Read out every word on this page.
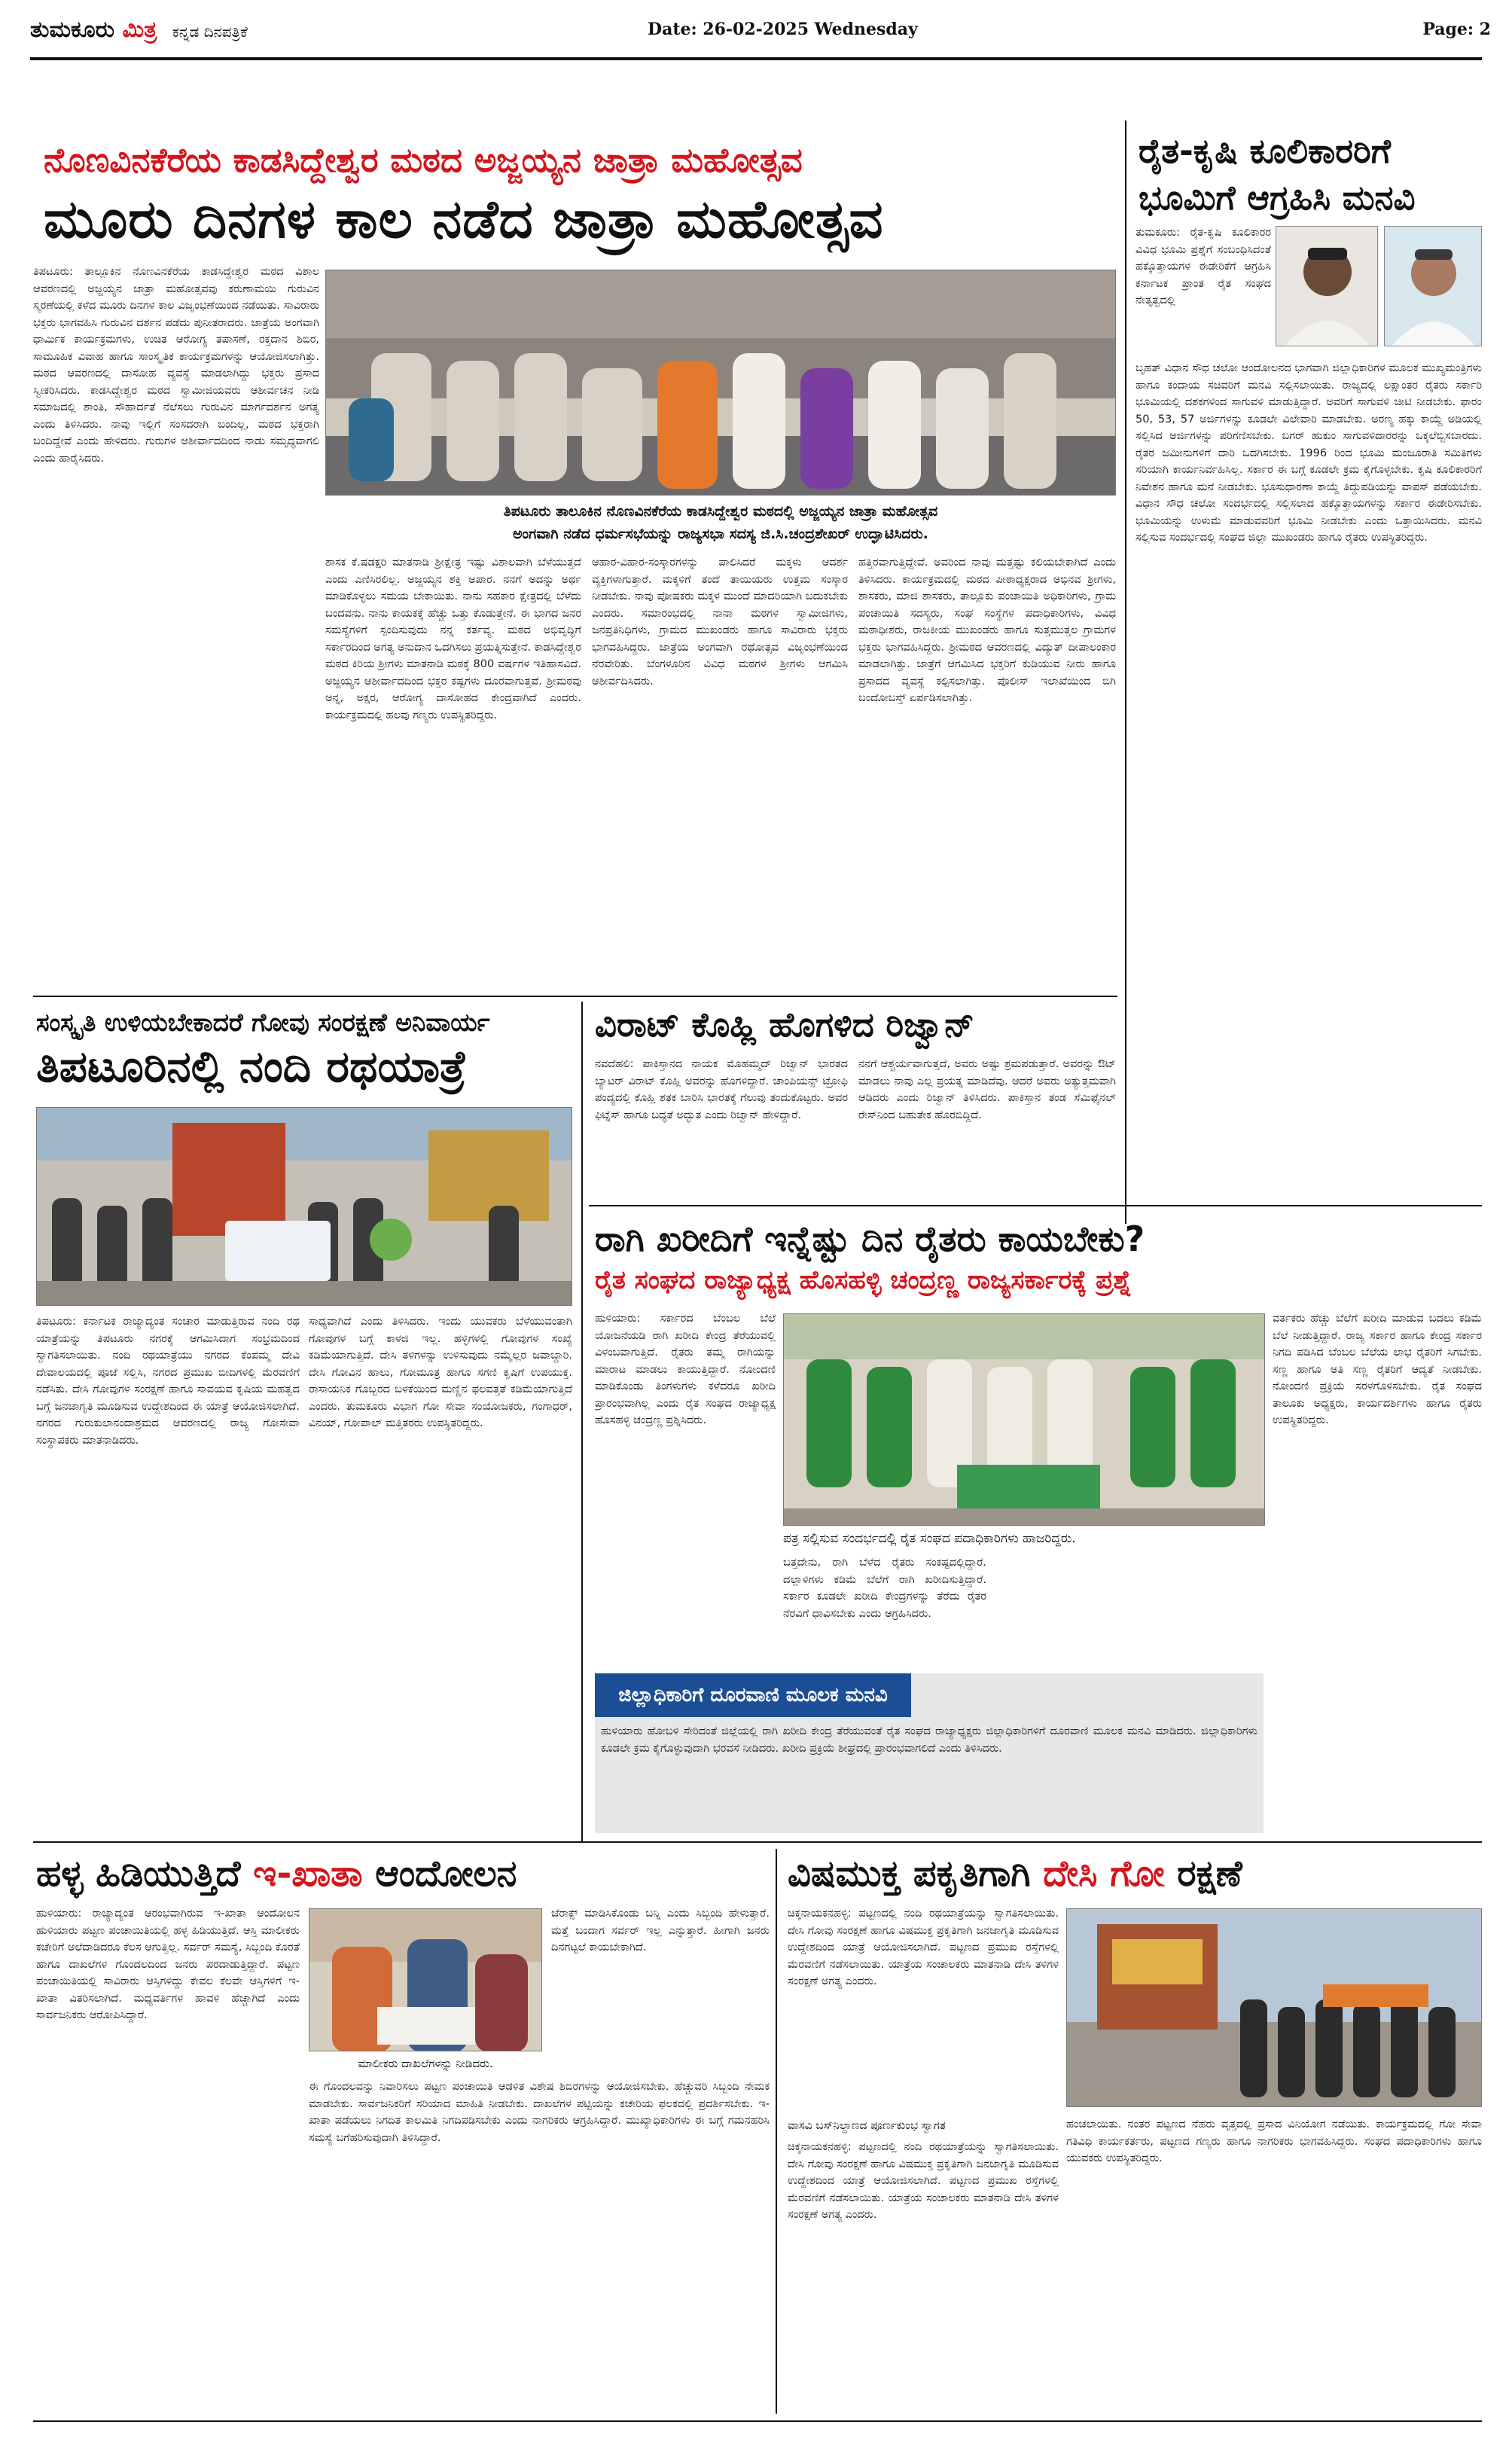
ತುಮಕೂರು ಮಿತ್ರ ಕನ್ನಡ ದಿನಪತ್ರಿಕೆ	Date: 26-02-2025 Wednesday	Page: 2
ನೊಣವಿನಕೆರೆಯ ಕಾಡಸಿದ್ದೇಶ್ವರ ಮಠದ ಅಜ್ಜಯ್ಯನ ಜಾತ್ರಾ ಮಹೋತ್ಸವ
ಮೂರು ದಿನಗಳ ಕಾಲ ನಡೆದ ಜಾತ್ರಾ ಮಹೋತ್ಸವ
ತಿಪಟೂರು: ತಾಲ್ಲೂಕಿನ ನೊಣವಿನಕೆರೆಯ ಕಾಡಸಿದ್ದೇಶ್ವರ ಮಠದ ವಿಶಾಲ ಆವರಣದಲ್ಲಿ ಅಜ್ಜಯ್ಯನ ಜಾತ್ರಾ ಮಹೋತ್ಸವವು ಕರುಣಾಮಯಿ ಗುರುವಿನ ಸ್ಮರಣೆಯಲ್ಲಿ ಕಳೆದ ಮೂರು ದಿನಗಳ ಕಾಲ ವಿಜೃಂಭಣೆಯಿಂದ ನಡೆಯಿತು. ಸಾವಿರಾರು ಭಕ್ತರು ಭಾಗವಹಿಸಿ ಗುರುವಿನ ದರ್ಶನ ಪಡೆದು ಪುನೀತರಾದರು. ಜಾತ್ರೆಯ ಅಂಗವಾಗಿ ಧಾರ್ಮಿಕ ಕಾರ್ಯಕ್ರಮಗಳು, ಉಚಿತ ಆರೋಗ್ಯ ತಪಾಸಣೆ, ರಕ್ತದಾನ ಶಿಬಿರ, ಸಾಮೂಹಿಕ ವಿವಾಹ ಹಾಗೂ ಸಾಂಸ್ಕೃತಿಕ ಕಾರ್ಯಕ್ರಮಗಳನ್ನು ಆಯೋಜಿಸಲಾಗಿತ್ತು. ಮಠದ ಆವರಣದಲ್ಲಿ ದಾಸೋಹ ವ್ಯವಸ್ಥೆ ಮಾಡಲಾಗಿದ್ದು ಭಕ್ತರು ಪ್ರಸಾದ ಸ್ವೀಕರಿಸಿದರು. ಕಾಡಸಿದ್ದೇಶ್ವರ ಮಠದ ಸ್ವಾಮೀಜಿಯವರು ಆಶೀರ್ವಚನ ನೀಡಿ ಸಮಾಜದಲ್ಲಿ ಶಾಂತಿ, ಸೌಹಾರ್ದತೆ ನೆಲೆಸಲು ಗುರುವಿನ ಮಾರ್ಗದರ್ಶನ ಅಗತ್ಯ ಎಂದು ತಿಳಿಸಿದರು. ನಾವು ಇಲ್ಲಿಗೆ ಸಂಸದರಾಗಿ ಬಂದಿಲ್ಲ, ಮಠದ ಭಕ್ತರಾಗಿ ಬಂದಿದ್ದೇವೆ ಎಂದು ಹೇಳಿದರು. ಗುರುಗಳ ಆಶೀರ್ವಾದದಿಂದ ನಾಡು ಸಮೃದ್ಧವಾಗಲಿ ಎಂದು ಹಾರೈಸಿದರು.
ತಿಪಟೂರು ತಾಲೂಕಿನ ನೊಣವಿನಕೆರೆಯ ಕಾಡಸಿದ್ದೇಶ್ವರ ಮಠದಲ್ಲಿ ಅಜ್ಜಯ್ಯನ ಜಾತ್ರಾ ಮಹೋತ್ಸವ
ಅಂಗವಾಗಿ ನಡೆದ ಧರ್ಮಸಭೆಯನ್ನು ರಾಜ್ಯಸಭಾ ಸದಸ್ಯ ಜಿ.ಸಿ.ಚಂದ್ರಶೇಖರ್ ಉದ್ಘಾಟಿಸಿದರು.
ಶಾಸಕ ಕೆ.ಷಡಕ್ಷರಿ ಮಾತನಾಡಿ ಶ್ರೀಕ್ಷೇತ್ರ ಇಷ್ಟು ವಿಶಾಲವಾಗಿ ಬೆಳೆಯುತ್ತದೆ ಎಂದು ಎಣಿಸಿರಲಿಲ್ಲ. ಅಜ್ಜಯ್ಯನ ಶಕ್ತಿ ಅಪಾರ. ನನಗೆ ಅದನ್ನು ಅರ್ಥ ಮಾಡಿಕೊಳ್ಳಲು ಸಮಯ ಬೇಕಾಯಿತು. ನಾನು ಸಹಕಾರ ಕ್ಷೇತ್ರದಲ್ಲಿ ಬೆಳೆದು ಬಂದವನು. ನಾನು ಕಾಯಕಕ್ಕೆ ಹೆಚ್ಚು ಒತ್ತು ಕೊಡುತ್ತೇನೆ. ಈ ಭಾಗದ ಜನರ ಸಮಸ್ಯೆಗಳಿಗೆ ಸ್ಪಂದಿಸುವುದು ನನ್ನ ಕರ್ತವ್ಯ. ಮಠದ ಅಭಿವೃದ್ಧಿಗೆ ಸರ್ಕಾರದಿಂದ ಅಗತ್ಯ ಅನುದಾನ ಒದಗಿಸಲು ಪ್ರಯತ್ನಿಸುತ್ತೇನೆ. ಕಾಡಸಿದ್ದೇಶ್ವರ ಮಠದ ಕಿರಿಯ ಶ್ರೀಗಳು ಮಾತನಾಡಿ ಮಠಕ್ಕೆ 800 ವರ್ಷಗಳ ಇತಿಹಾಸವಿದೆ. ಅಜ್ಜಯ್ಯನ ಆಶೀರ್ವಾದದಿಂದ ಭಕ್ತರ ಕಷ್ಟಗಳು ದೂರವಾಗುತ್ತವೆ. ಶ್ರೀಮಠವು ಅನ್ನ, ಅಕ್ಷರ, ಆರೋಗ್ಯ ದಾಸೋಹದ ಕೇಂದ್ರವಾಗಿದೆ ಎಂದರು. ಕಾರ್ಯಕ್ರಮದಲ್ಲಿ ಹಲವು ಗಣ್ಯರು ಉಪಸ್ಥಿತರಿದ್ದರು.
ಆಹಾರ-ವಿಹಾರ-ಸಂಸ್ಕಾರಗಳನ್ನು ಪಾಲಿಸಿದರೆ ಮಕ್ಕಳು ಆದರ್ಶ ವ್ಯಕ್ತಿಗಳಾಗುತ್ತಾರೆ. ಮಕ್ಕಳಿಗೆ ತಂದೆ ತಾಯಿಯರು ಉತ್ತಮ ಸಂಸ್ಕಾರ ನೀಡಬೇಕು. ನಾವು ಪೋಷಕರು ಮಕ್ಕಳ ಮುಂದೆ ಮಾದರಿಯಾಗಿ ಬದುಕಬೇಕು ಎಂದರು. ಸಮಾರಂಭದಲ್ಲಿ ನಾನಾ ಮಠಗಳ ಸ್ವಾಮೀಜಿಗಳು, ಜನಪ್ರತಿನಿಧಿಗಳು, ಗ್ರಾಮದ ಮುಖಂಡರು ಹಾಗೂ ಸಾವಿರಾರು ಭಕ್ತರು ಭಾಗವಹಿಸಿದ್ದರು. ಜಾತ್ರೆಯ ಅಂಗವಾಗಿ ರಥೋತ್ಸವ ವಿಜೃಂಭಣೆಯಿಂದ ನೆರವೇರಿತು. ಬೆಂಗಳೂರಿನ ವಿವಿಧ ಮಠಗಳ ಶ್ರೀಗಳು ಆಗಮಿಸಿ ಆಶೀರ್ವದಿಸಿದರು.
ಹತ್ತಿರವಾಗುತ್ತಿದ್ದೇವೆ. ಅವರಿಂದ ನಾವು ಮತ್ತಷ್ಟು ಕಲಿಯಬೇಕಾಗಿದೆ ಎಂದು ತಿಳಿಸಿದರು. ಕಾರ್ಯಕ್ರಮದಲ್ಲಿ ಮಠದ ಪೀಠಾಧ್ಯಕ್ಷರಾದ ಅಭಿನವ ಶ್ರೀಗಳು, ಶಾಸಕರು, ಮಾಜಿ ಶಾಸಕರು, ತಾಲ್ಲೂಕು ಪಂಚಾಯಿತಿ ಅಧಿಕಾರಿಗಳು, ಗ್ರಾಮ ಪಂಚಾಯಿತಿ ಸದಸ್ಯರು, ಸಂಘ ಸಂಸ್ಥೆಗಳ ಪದಾಧಿಕಾರಿಗಳು, ವಿವಿಧ ಮಠಾಧೀಶರು, ರಾಜಕೀಯ ಮುಖಂಡರು ಹಾಗೂ ಸುತ್ತಮುತ್ತಲ ಗ್ರಾಮಗಳ ಭಕ್ತರು ಭಾಗವಹಿಸಿದ್ದರು. ಶ್ರೀಮಠದ ಆವರಣದಲ್ಲಿ ವಿದ್ಯುತ್ ದೀಪಾಲಂಕಾರ ಮಾಡಲಾಗಿತ್ತು. ಜಾತ್ರೆಗೆ ಆಗಮಿಸಿದ ಭಕ್ತರಿಗೆ ಕುಡಿಯುವ ನೀರು ಹಾಗೂ ಪ್ರಸಾದದ ವ್ಯವಸ್ಥೆ ಕಲ್ಪಿಸಲಾಗಿತ್ತು. ಪೊಲೀಸ್ ಇಲಾಖೆಯಿಂದ ಬಿಗಿ ಬಂದೋಬಸ್ತ್ ಏರ್ಪಡಿಸಲಾಗಿತ್ತು.
ರೈತ-ಕೃಷಿ ಕೂಲಿಕಾರರಿಗೆ
ಭೂಮಿಗೆ ಆಗ್ರಹಿಸಿ ಮನವಿ
ತುಮಕೂರು: ರೈತ-ಕೃಷಿ ಕೂಲಿಕಾರರ ವಿವಿಧ ಭೂಮಿ ಪ್ರಶ್ನೆಗೆ ಸಂಬಂಧಿಸಿದಂತೆ ಹಕ್ಕೊತ್ತಾಯಗಳ ಈಡೇರಿಕೆಗೆ ಆಗ್ರಹಿಸಿ ಕರ್ನಾಟಕ ಪ್ರಾಂತ ರೈತ ಸಂಘದ ನೇತೃತ್ವದಲ್ಲಿ
ಬೃಹತ್ ವಿಧಾನ ಸೌಧ ಚಲೋ ಆಂದೋಲನದ ಭಾಗವಾಗಿ ಜಿಲ್ಲಾಧಿಕಾರಿಗಳ ಮೂಲಕ ಮುಖ್ಯಮಂತ್ರಿಗಳು ಹಾಗೂ ಕಂದಾಯ ಸಚಿವರಿಗೆ ಮನವಿ ಸಲ್ಲಿಸಲಾಯಿತು. ರಾಜ್ಯದಲ್ಲಿ ಲಕ್ಷಾಂತರ ರೈತರು ಸರ್ಕಾರಿ ಭೂಮಿಯಲ್ಲಿ ದಶಕಗಳಿಂದ ಸಾಗುವಳಿ ಮಾಡುತ್ತಿದ್ದಾರೆ. ಅವರಿಗೆ ಸಾಗುವಳಿ ಚೀಟಿ ನೀಡಬೇಕು. ಫಾರಂ 50, 53, 57 ಅರ್ಜಿಗಳನ್ನು ಕೂಡಲೇ ವಿಲೇವಾರಿ ಮಾಡಬೇಕು. ಅರಣ್ಯ ಹಕ್ಕು ಕಾಯ್ದೆ ಅಡಿಯಲ್ಲಿ ಸಲ್ಲಿಸಿದ ಅರ್ಜಿಗಳನ್ನು ಪರಿಗಣಿಸಬೇಕು. ಬಗರ್ ಹುಕುಂ ಸಾಗುವಳಿದಾರರನ್ನು ಒಕ್ಕಲೆಬ್ಬಿಸಬಾರದು. ರೈತರ ಜಮೀನುಗಳಿಗೆ ದಾರಿ ಒದಗಿಸಬೇಕು. 1996 ರಿಂದ ಭೂಮಿ ಮಂಜೂರಾತಿ ಸಮಿತಿಗಳು ಸರಿಯಾಗಿ ಕಾರ್ಯನಿರ್ವಹಿಸಿಲ್ಲ. ಸರ್ಕಾರ ಈ ಬಗ್ಗೆ ಕೂಡಲೇ ಕ್ರಮ ಕೈಗೊಳ್ಳಬೇಕು. ಕೃಷಿ ಕೂಲಿಕಾರರಿಗೆ ನಿವೇಶನ ಹಾಗೂ ಮನೆ ನೀಡಬೇಕು. ಭೂಸುಧಾರಣಾ ಕಾಯ್ದೆ ತಿದ್ದುಪಡಿಯನ್ನು ವಾಪಸ್ ಪಡೆಯಬೇಕು. ವಿಧಾನ ಸೌಧ ಚಲೋ ಸಂದರ್ಭದಲ್ಲಿ ಸಲ್ಲಿಸಲಾದ ಹಕ್ಕೊತ್ತಾಯಗಳನ್ನು ಸರ್ಕಾರ ಈಡೇರಿಸಬೇಕು. ಭೂಮಿಯನ್ನು ಉಳುಮೆ ಮಾಡುವವರಿಗೆ ಭೂಮಿ ನೀಡಬೇಕು ಎಂದು ಒತ್ತಾಯಿಸಿದರು. ಮನವಿ ಸಲ್ಲಿಸುವ ಸಂದರ್ಭದಲ್ಲಿ ಸಂಘದ ಜಿಲ್ಲಾ ಮುಖಂಡರು ಹಾಗೂ ರೈತರು ಉಪಸ್ಥಿತರಿದ್ದರು.
ಸಂಸ್ಕೃತಿ ಉಳಿಯಬೇಕಾದರೆ ಗೋವು ಸಂರಕ್ಷಣೆ ಅನಿವಾರ್ಯ
ತಿಪಟೂರಿನಲ್ಲಿ ನಂದಿ ರಥಯಾತ್ರೆ
ತಿಪಟೂರು: ಕರ್ನಾಟಕ ರಾಜ್ಯಾದ್ಯಂತ ಸಂಚಾರ ಮಾಡುತ್ತಿರುವ ನಂದಿ ರಥ ಯಾತ್ರೆಯನ್ನು ತಿಪಟೂರು ನಗರಕ್ಕೆ ಆಗಮಿಸಿದಾಗ ಸಂಭ್ರಮದಿಂದ ಸ್ವಾಗತಿಸಲಾಯಿತು. ನಂದಿ ರಥಯಾತ್ರೆಯು ನಗರದ ಕೆಂಪಮ್ಮ ದೇವಿ ದೇವಾಲಯದಲ್ಲಿ ಪೂಜೆ ಸಲ್ಲಿಸಿ, ನಗರದ ಪ್ರಮುಖ ಬೀದಿಗಳಲ್ಲಿ ಮೆರವಣಿಗೆ ನಡೆಸಿತು. ದೇಸಿ ಗೋವುಗಳ ಸಂರಕ್ಷಣೆ ಹಾಗೂ ಸಾವಯವ ಕೃಷಿಯ ಮಹತ್ವದ ಬಗ್ಗೆ ಜನಜಾಗೃತಿ ಮೂಡಿಸುವ ಉದ್ದೇಶದಿಂದ ಈ ಯಾತ್ರೆ ಆಯೋಜಿಸಲಾಗಿದೆ. ನಗರದ ಗುರುಕುಲಾನಂದಾಶ್ರಮದ ಆವರಣದಲ್ಲಿ ರಾಜ್ಯ ಗೋಸೇವಾ ಸಂಸ್ಥಾಪಕರು ಮಾತನಾಡಿದರು.
ಸಾಧ್ಯವಾಗಿದೆ ಎಂದು ತಿಳಿಸಿದರು. ಇಂದು ಯುವಕರು ಬೆಳೆಯುವಂತಾಗಿ ಗೋವುಗಳ ಬಗ್ಗೆ ಕಾಳಜಿ ಇಲ್ಲ. ಹಳ್ಳಿಗಳಲ್ಲಿ ಗೋವುಗಳ ಸಂಖ್ಯೆ ಕಡಿಮೆಯಾಗುತ್ತಿದೆ. ದೇಸಿ ತಳಿಗಳನ್ನು ಉಳಿಸುವುದು ನಮ್ಮೆಲ್ಲರ ಜವಾಬ್ದಾರಿ. ದೇಸಿ ಗೋವಿನ ಹಾಲು, ಗೋಮೂತ್ರ ಹಾಗೂ ಸಗಣಿ ಕೃಷಿಗೆ ಉಪಯುಕ್ತ. ರಾಸಾಯನಿಕ ಗೊಬ್ಬರದ ಬಳಕೆಯಿಂದ ಮಣ್ಣಿನ ಫಲವತ್ತತೆ ಕಡಿಮೆಯಾಗುತ್ತಿದೆ ಎಂದರು. ತುಮಕೂರು ವಿಭಾಗ ಗೋ ಸೇವಾ ಸಂಯೋಜಕರು, ಗಂಗಾಧರ್, ವಿನಯ್, ಗೋಪಾಲ್ ಮತ್ತಿತರರು ಉಪಸ್ಥಿತರಿದ್ದರು.
ವಿರಾಟ್ ಕೊಹ್ಲಿ ಹೊಗಳಿದ ರಿಜ್ವಾನ್
ನವದೆಹಲಿ: ಪಾಕಿಸ್ತಾನದ ನಾಯಕ ಮೊಹಮ್ಮದ್ ರಿಜ್ವಾನ್ ಭಾರತದ ಬ್ಯಾಟರ್ ವಿರಾಟ್ ಕೊಹ್ಲಿ ಅವರನ್ನು ಹೊಗಳಿದ್ದಾರೆ. ಚಾಂಪಿಯನ್ಸ್ ಟ್ರೋಫಿ ಪಂದ್ಯದಲ್ಲಿ ಕೊಹ್ಲಿ ಶತಕ ಬಾರಿಸಿ ಭಾರತಕ್ಕೆ ಗೆಲುವು ತಂದುಕೊಟ್ಟರು. ಅವರ ಫಿಟ್ನೆಸ್ ಹಾಗೂ ಬದ್ಧತೆ ಅದ್ಭುತ ಎಂದು ರಿಜ್ವಾನ್ ಹೇಳಿದ್ದಾರೆ.
ನನಗೆ ಆಶ್ಚರ್ಯವಾಗುತ್ತದೆ, ಅವರು ಅಷ್ಟು ಶ್ರಮಪಡುತ್ತಾರೆ. ಅವರನ್ನು ಔಟ್ ಮಾಡಲು ನಾವು ಎಲ್ಲ ಪ್ರಯತ್ನ ಮಾಡಿದೆವು. ಆದರೆ ಅವರು ಅತ್ಯುತ್ತಮವಾಗಿ ಆಡಿದರು ಎಂದು ರಿಜ್ವಾನ್ ತಿಳಿಸಿದರು. ಪಾಕಿಸ್ತಾನ ತಂಡ ಸೆಮಿಫೈನಲ್ ರೇಸ್‌ನಿಂದ ಬಹುತೇಕ ಹೊರಬಿದ್ದಿದೆ.
ರಾಗಿ ಖರೀದಿಗೆ ಇನ್ನೆಷ್ಟು ದಿನ ರೈತರು ಕಾಯಬೇಕು?
ರೈತ ಸಂಘದ ರಾಜ್ಯಾಧ್ಯಕ್ಷ ಹೊಸಹಳ್ಳಿ ಚಂದ್ರಣ್ಣ ರಾಜ್ಯಸರ್ಕಾರಕ್ಕೆ ಪ್ರಶ್ನೆ
ಹುಳಿಯಾರು: ಸರ್ಕಾರದ ಬೆಂಬಲ ಬೆಲೆ ಯೋಜನೆಯಡಿ ರಾಗಿ ಖರೀದಿ ಕೇಂದ್ರ ತೆರೆಯುವಲ್ಲಿ ವಿಳಂಬವಾಗುತ್ತಿದೆ. ರೈತರು ತಮ್ಮ ರಾಗಿಯನ್ನು ಮಾರಾಟ ಮಾಡಲು ಕಾಯುತ್ತಿದ್ದಾರೆ. ನೋಂದಣಿ ಮಾಡಿಕೊಂಡು ತಿಂಗಳುಗಳು ಕಳೆದರೂ ಖರೀದಿ ಪ್ರಾರಂಭವಾಗಿಲ್ಲ ಎಂದು ರೈತ ಸಂಘದ ರಾಜ್ಯಾಧ್ಯಕ್ಷ ಹೊಸಹಳ್ಳಿ ಚಂದ್ರಣ್ಣ ಪ್ರಶ್ನಿಸಿದರು.
ಪತ್ರ ಸಲ್ಲಿಸುವ ಸಂದರ್ಭದಲ್ಲಿ ರೈತ ಸಂಘದ ಪದಾಧಿಕಾರಿಗಳು ಹಾಜರಿದ್ದರು.
ಬತ್ತದೇನು, ರಾಗಿ ಬೆಳೆದ ರೈತರು ಸಂಕಷ್ಟದಲ್ಲಿದ್ದಾರೆ. ದಲ್ಲಾಳಿಗಳು ಕಡಿಮೆ ಬೆಲೆಗೆ ರಾಗಿ ಖರೀದಿಸುತ್ತಿದ್ದಾರೆ. ಸರ್ಕಾರ ಕೂಡಲೇ ಖರೀದಿ ಕೇಂದ್ರಗಳನ್ನು ತೆರೆದು ರೈತರ ನೆರವಿಗೆ ಧಾವಿಸಬೇಕು ಎಂದು ಆಗ್ರಹಿಸಿದರು.
ವರ್ತಕರು ಹೆಚ್ಚು ಬೆಲೆಗೆ ಖರೀದಿ ಮಾಡುವ ಬದಲು ಕಡಿಮೆ ಬೆಲೆ ನೀಡುತ್ತಿದ್ದಾರೆ. ರಾಜ್ಯ ಸರ್ಕಾರ ಹಾಗೂ ಕೇಂದ್ರ ಸರ್ಕಾರ ನಿಗದಿ ಪಡಿಸಿದ ಬೆಂಬಲ ಬೆಲೆಯ ಲಾಭ ರೈತರಿಗೆ ಸಿಗಬೇಕು. ಸಣ್ಣ ಹಾಗೂ ಅತಿ ಸಣ್ಣ ರೈತರಿಗೆ ಆದ್ಯತೆ ನೀಡಬೇಕು. ನೋಂದಣಿ ಪ್ರಕ್ರಿಯೆ ಸರಳಗೊಳಿಸಬೇಕು. ರೈತ ಸಂಘದ ತಾಲೂಕು ಅಧ್ಯಕ್ಷರು, ಕಾರ್ಯದರ್ಶಿಗಳು ಹಾಗೂ ರೈತರು ಉಪಸ್ಥಿತರಿದ್ದರು.
ಜಿಲ್ಲಾಧಿಕಾರಿಗೆ ದೂರವಾಣಿ ಮೂಲಕ ಮನವಿ
ಹುಳಿಯಾರು ಹೋಬಳಿ ಸೇರಿದಂತೆ ಜಿಲ್ಲೆಯಲ್ಲಿ ರಾಗಿ ಖರೀದಿ ಕೇಂದ್ರ ತೆರೆಯುವಂತೆ ರೈತ ಸಂಘದ ರಾಜ್ಯಾಧ್ಯಕ್ಷರು ಜಿಲ್ಲಾಧಿಕಾರಿಗಳಿಗೆ ದೂರವಾಣಿ ಮೂಲಕ ಮನವಿ ಮಾಡಿದರು. ಜಿಲ್ಲಾಧಿಕಾರಿಗಳು ಕೂಡಲೇ ಕ್ರಮ ಕೈಗೊಳ್ಳುವುದಾಗಿ ಭರವಸೆ ನೀಡಿದರು. ಖರೀದಿ ಪ್ರಕ್ರಿಯೆ ಶೀಘ್ರದಲ್ಲಿ ಪ್ರಾರಂಭವಾಗಲಿದೆ ಎಂದು ತಿಳಿಸಿದರು.
ಹಳ್ಳ ಹಿಡಿಯುತ್ತಿದೆ ಇ-ಖಾತಾ ಆಂದೋಲನ
ಹುಳಿಯಾರು: ರಾಜ್ಯಾದ್ಯಂತ ಆರಂಭವಾಗಿರುವ ಇ-ಖಾತಾ ಆಂದೋಲನ ಹುಳಿಯಾರು ಪಟ್ಟಣ ಪಂಚಾಯಿತಿಯಲ್ಲಿ ಹಳ್ಳ ಹಿಡಿಯುತ್ತಿದೆ. ಆಸ್ತಿ ಮಾಲೀಕರು ಕಚೇರಿಗೆ ಅಲೆದಾಡಿದರೂ ಕೆಲಸ ಆಗುತ್ತಿಲ್ಲ. ಸರ್ವರ್ ಸಮಸ್ಯೆ, ಸಿಬ್ಬಂದಿ ಕೊರತೆ ಹಾಗೂ ದಾಖಲೆಗಳ ಗೊಂದಲದಿಂದ ಜನರು ಪರದಾಡುತ್ತಿದ್ದಾರೆ. ಪಟ್ಟಣ ಪಂಚಾಯಿತಿಯಲ್ಲಿ ಸಾವಿರಾರು ಆಸ್ತಿಗಳಿದ್ದು ಕೇವಲ ಕೆಲವೇ ಆಸ್ತಿಗಳಿಗೆ ಇ-ಖಾತಾ ವಿತರಿಸಲಾಗಿದೆ. ಮಧ್ಯವರ್ತಿಗಳ ಹಾವಳಿ ಹೆಚ್ಚಾಗಿದೆ ಎಂದು ಸಾರ್ವಜನಿಕರು ಆರೋಪಿಸಿದ್ದಾರೆ.
ಮಾಲೀಕರು ದಾಖಲೆಗಳನ್ನು ನೀಡಿದರು.
ಜೆರಾಕ್ಸ್ ಮಾಡಿಸಿಕೊಂಡು ಬನ್ನಿ ಎಂದು ಸಿಬ್ಬಂದಿ ಹೇಳುತ್ತಾರೆ. ಮತ್ತೆ ಬಂದಾಗ ಸರ್ವರ್ ಇಲ್ಲ ಎನ್ನುತ್ತಾರೆ. ಹೀಗಾಗಿ ಜನರು ದಿನಗಟ್ಟಲೆ ಕಾಯಬೇಕಾಗಿದೆ.
ಈ ಗೊಂದಲವನ್ನು ನಿವಾರಿಸಲು ಪಟ್ಟಣ ಪಂಚಾಯಿತಿ ಆಡಳಿತ ವಿಶೇಷ ಶಿಬಿರಗಳನ್ನು ಆಯೋಜಿಸಬೇಕು. ಹೆಚ್ಚುವರಿ ಸಿಬ್ಬಂದಿ ನೇಮಕ ಮಾಡಬೇಕು. ಸಾರ್ವಜನಿಕರಿಗೆ ಸರಿಯಾದ ಮಾಹಿತಿ ನೀಡಬೇಕು. ದಾಖಲೆಗಳ ಪಟ್ಟಿಯನ್ನು ಕಚೇರಿಯ ಫಲಕದಲ್ಲಿ ಪ್ರದರ್ಶಿಸಬೇಕು. ಇ-ಖಾತಾ ಪಡೆಯಲು ನಿಗದಿತ ಕಾಲಮಿತಿ ನಿಗದಿಪಡಿಸಬೇಕು ಎಂದು ನಾಗರಿಕರು ಆಗ್ರಹಿಸಿದ್ದಾರೆ. ಮುಖ್ಯಾಧಿಕಾರಿಗಳು ಈ ಬಗ್ಗೆ ಗಮನಹರಿಸಿ ಸಮಸ್ಯೆ ಬಗೆಹರಿಸುವುದಾಗಿ ತಿಳಿಸಿದ್ದಾರೆ.
ವಿಷಮುಕ್ತ ಪಕೃತಿಗಾಗಿ ದೇಸಿ ಗೋ ರಕ್ಷಣೆ
ಚಿಕ್ಕನಾಯಕನಹಳ್ಳಿ: ಪಟ್ಟಣದಲ್ಲಿ ನಂದಿ ರಥಯಾತ್ರೆಯನ್ನು ಸ್ವಾಗತಿಸಲಾಯಿತು. ದೇಸಿ ಗೋವು ಸಂರಕ್ಷಣೆ ಹಾಗೂ ವಿಷಮುಕ್ತ ಪ್ರಕೃತಿಗಾಗಿ ಜನಜಾಗೃತಿ ಮೂಡಿಸುವ ಉದ್ದೇಶದಿಂದ ಯಾತ್ರೆ ಆಯೋಜಿಸಲಾಗಿದೆ. ಪಟ್ಟಣದ ಪ್ರಮುಖ ರಸ್ತೆಗಳಲ್ಲಿ ಮೆರವಣಿಗೆ ನಡೆಸಲಾಯಿತು. ಯಾತ್ರೆಯ ಸಂಚಾಲಕರು ಮಾತನಾಡಿ ದೇಸಿ ತಳಿಗಳ ಸಂರಕ್ಷಣೆ ಅಗತ್ಯ ಎಂದರು.
ವಾಸವಿ ಬಸ್‌ನಿಲ್ದಾಣದ ಪೂರ್ಣಕುಂಭ ಸ್ವಾಗತ
ಚಿಕ್ಕನಾಯಕನಹಳ್ಳಿ: ಪಟ್ಟಣದಲ್ಲಿ ನಂದಿ ರಥಯಾತ್ರೆಯನ್ನು ಸ್ವಾಗತಿಸಲಾಯಿತು. ದೇಸಿ ಗೋವು ಸಂರಕ್ಷಣೆ ಹಾಗೂ ವಿಷಮುಕ್ತ ಪ್ರಕೃತಿಗಾಗಿ ಜನಜಾಗೃತಿ ಮೂಡಿಸುವ ಉದ್ದೇಶದಿಂದ ಯಾತ್ರೆ ಆಯೋಜಿಸಲಾಗಿದೆ. ಪಟ್ಟಣದ ಪ್ರಮುಖ ರಸ್ತೆಗಳಲ್ಲಿ ಮೆರವಣಿಗೆ ನಡೆಸಲಾಯಿತು. ಯಾತ್ರೆಯ ಸಂಚಾಲಕರು ಮಾತನಾಡಿ ದೇಸಿ ತಳಿಗಳ ಸಂರಕ್ಷಣೆ ಅಗತ್ಯ ಎಂದರು.
ಹಂಚಲಾಯಿತು. ನಂತರ ಪಟ್ಟಣದ ನೆಹರು ವೃತ್ತದಲ್ಲಿ ಪ್ರಸಾದ ವಿನಿಯೋಗ ನಡೆಯಿತು. ಕಾರ್ಯಕ್ರಮದಲ್ಲಿ ಗೋ ಸೇವಾ ಗತಿವಿಧಿ ಕಾರ್ಯಕರ್ತರು, ಪಟ್ಟಣದ ಗಣ್ಯರು ಹಾಗೂ ನಾಗರಿಕರು ಭಾಗವಹಿಸಿದ್ದರು. ಸಂಘದ ಪದಾಧಿಕಾರಿಗಳು ಹಾಗೂ ಯುವಕರು ಉಪಸ್ಥಿತರಿದ್ದರು.
